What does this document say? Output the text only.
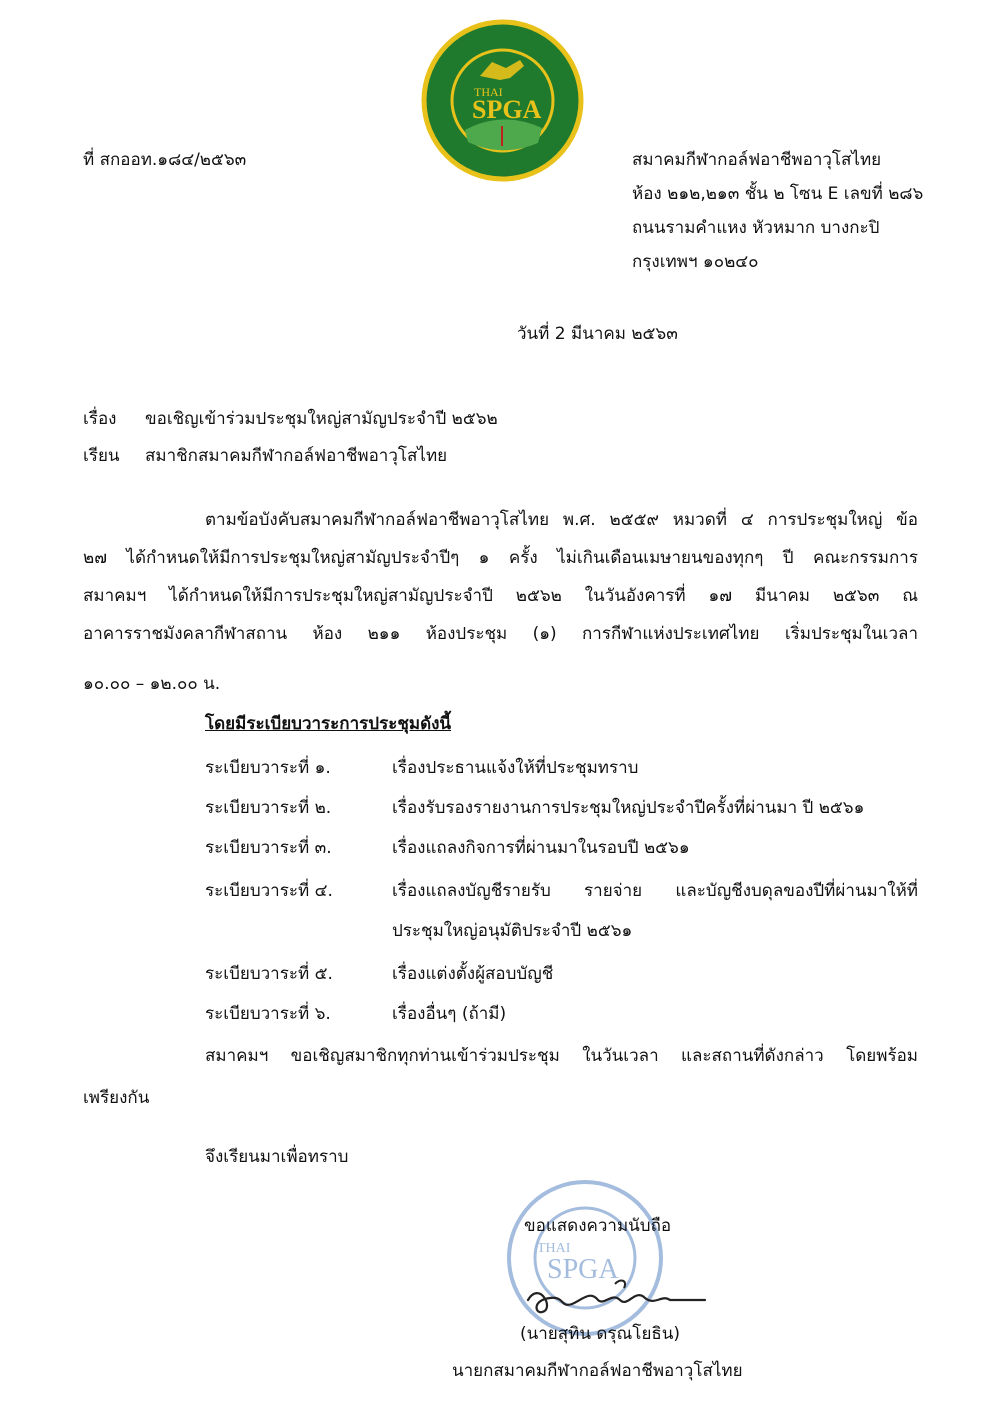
THAI
SPGA
ที่ สกออท.๑๘๔/๒๕๖๓	สมาคมกีฬากอล์ฟอาชีพอาวุโสไทย
ห้อง ๒๑๒,๒๑๓ ชั้น ๒ โซน E เลขที่ ๒๘๖
ถนนรามคำแหง หัวหมาก บางกะปิ
กรุงเทพฯ ๑๐๒๔๐
วันที่ 2 มีนาคม ๒๕๖๓
เรื่อง ขอเชิญเข้าร่วมประชุมใหญ่สามัญประจำปี ๒๕๖๒
เรียน สมาชิกสมาคมกีฬากอล์ฟอาชีพอาวุโสไทย
ตามข้อบังคับสมาคมกีฬากอล์ฟอาชีพอาวุโสไทย พ.ศ. ๒๕๕๙ หมวดที่ ๔ การประชุมใหญ่ ข้อ
๒๗ ได้กำหนดให้มีการประชุมใหญ่สามัญประจำปีๆ ๑ ครั้ง ไม่เกินเดือนเมษายนของทุกๆ ปี คณะกรรมการ
สมาคมฯ ได้กำหนดให้มีการประชุมใหญ่สามัญประจำปี ๒๕๖๒ ในวันอังคารที่ ๑๗ มีนาคม ๒๕๖๓ ณ
อาคารราชมังคลากีฬาสถาน ห้อง ๒๑๑ ห้องประชุม (๑) การกีฬาแห่งประเทศไทย เริ่มประชุมในเวลา
๑๐.๐๐ – ๑๒.๐๐ น.
โดยมีระเบียบวาระการประชุมดังนี้
ระเบียบวาระที่ ๑.	เรื่องประธานแจ้งให้ที่ประชุมทราบ
ระเบียบวาระที่ ๒.	เรื่องรับรองรายงานการประชุมใหญ่ประจำปีครั้งที่ผ่านมา ปี ๒๕๖๑
ระเบียบวาระที่ ๓.	เรื่องแถลงกิจการที่ผ่านมาในรอบปี ๒๕๖๑
ระเบียบวาระที่ ๔.	เรื่องแถลงบัญชีรายรับ รายจ่าย และบัญชีงบดุลของปีที่ผ่านมาให้ที่
ประชุมใหญ่อนุมัติประจำปี ๒๕๖๑
ระเบียบวาระที่ ๕.	เรื่องแต่งตั้งผู้สอบบัญชี
ระเบียบวาระที่ ๖.	เรื่องอื่นๆ (ถ้ามี)
สมาคมฯ ขอเชิญสมาชิกทุกท่านเข้าร่วมประชุม ในวันเวลา และสถานที่ดังกล่าว โดยพร้อม
เพรียงกัน
จึงเรียนมาเพื่อทราบ
THAI
SPGA
ขอแสดงความนับถือ
(นายสุทิน ดรุณโยธิน)
นายกสมาคมกีฬากอล์ฟอาชีพอาวุโสไทย
